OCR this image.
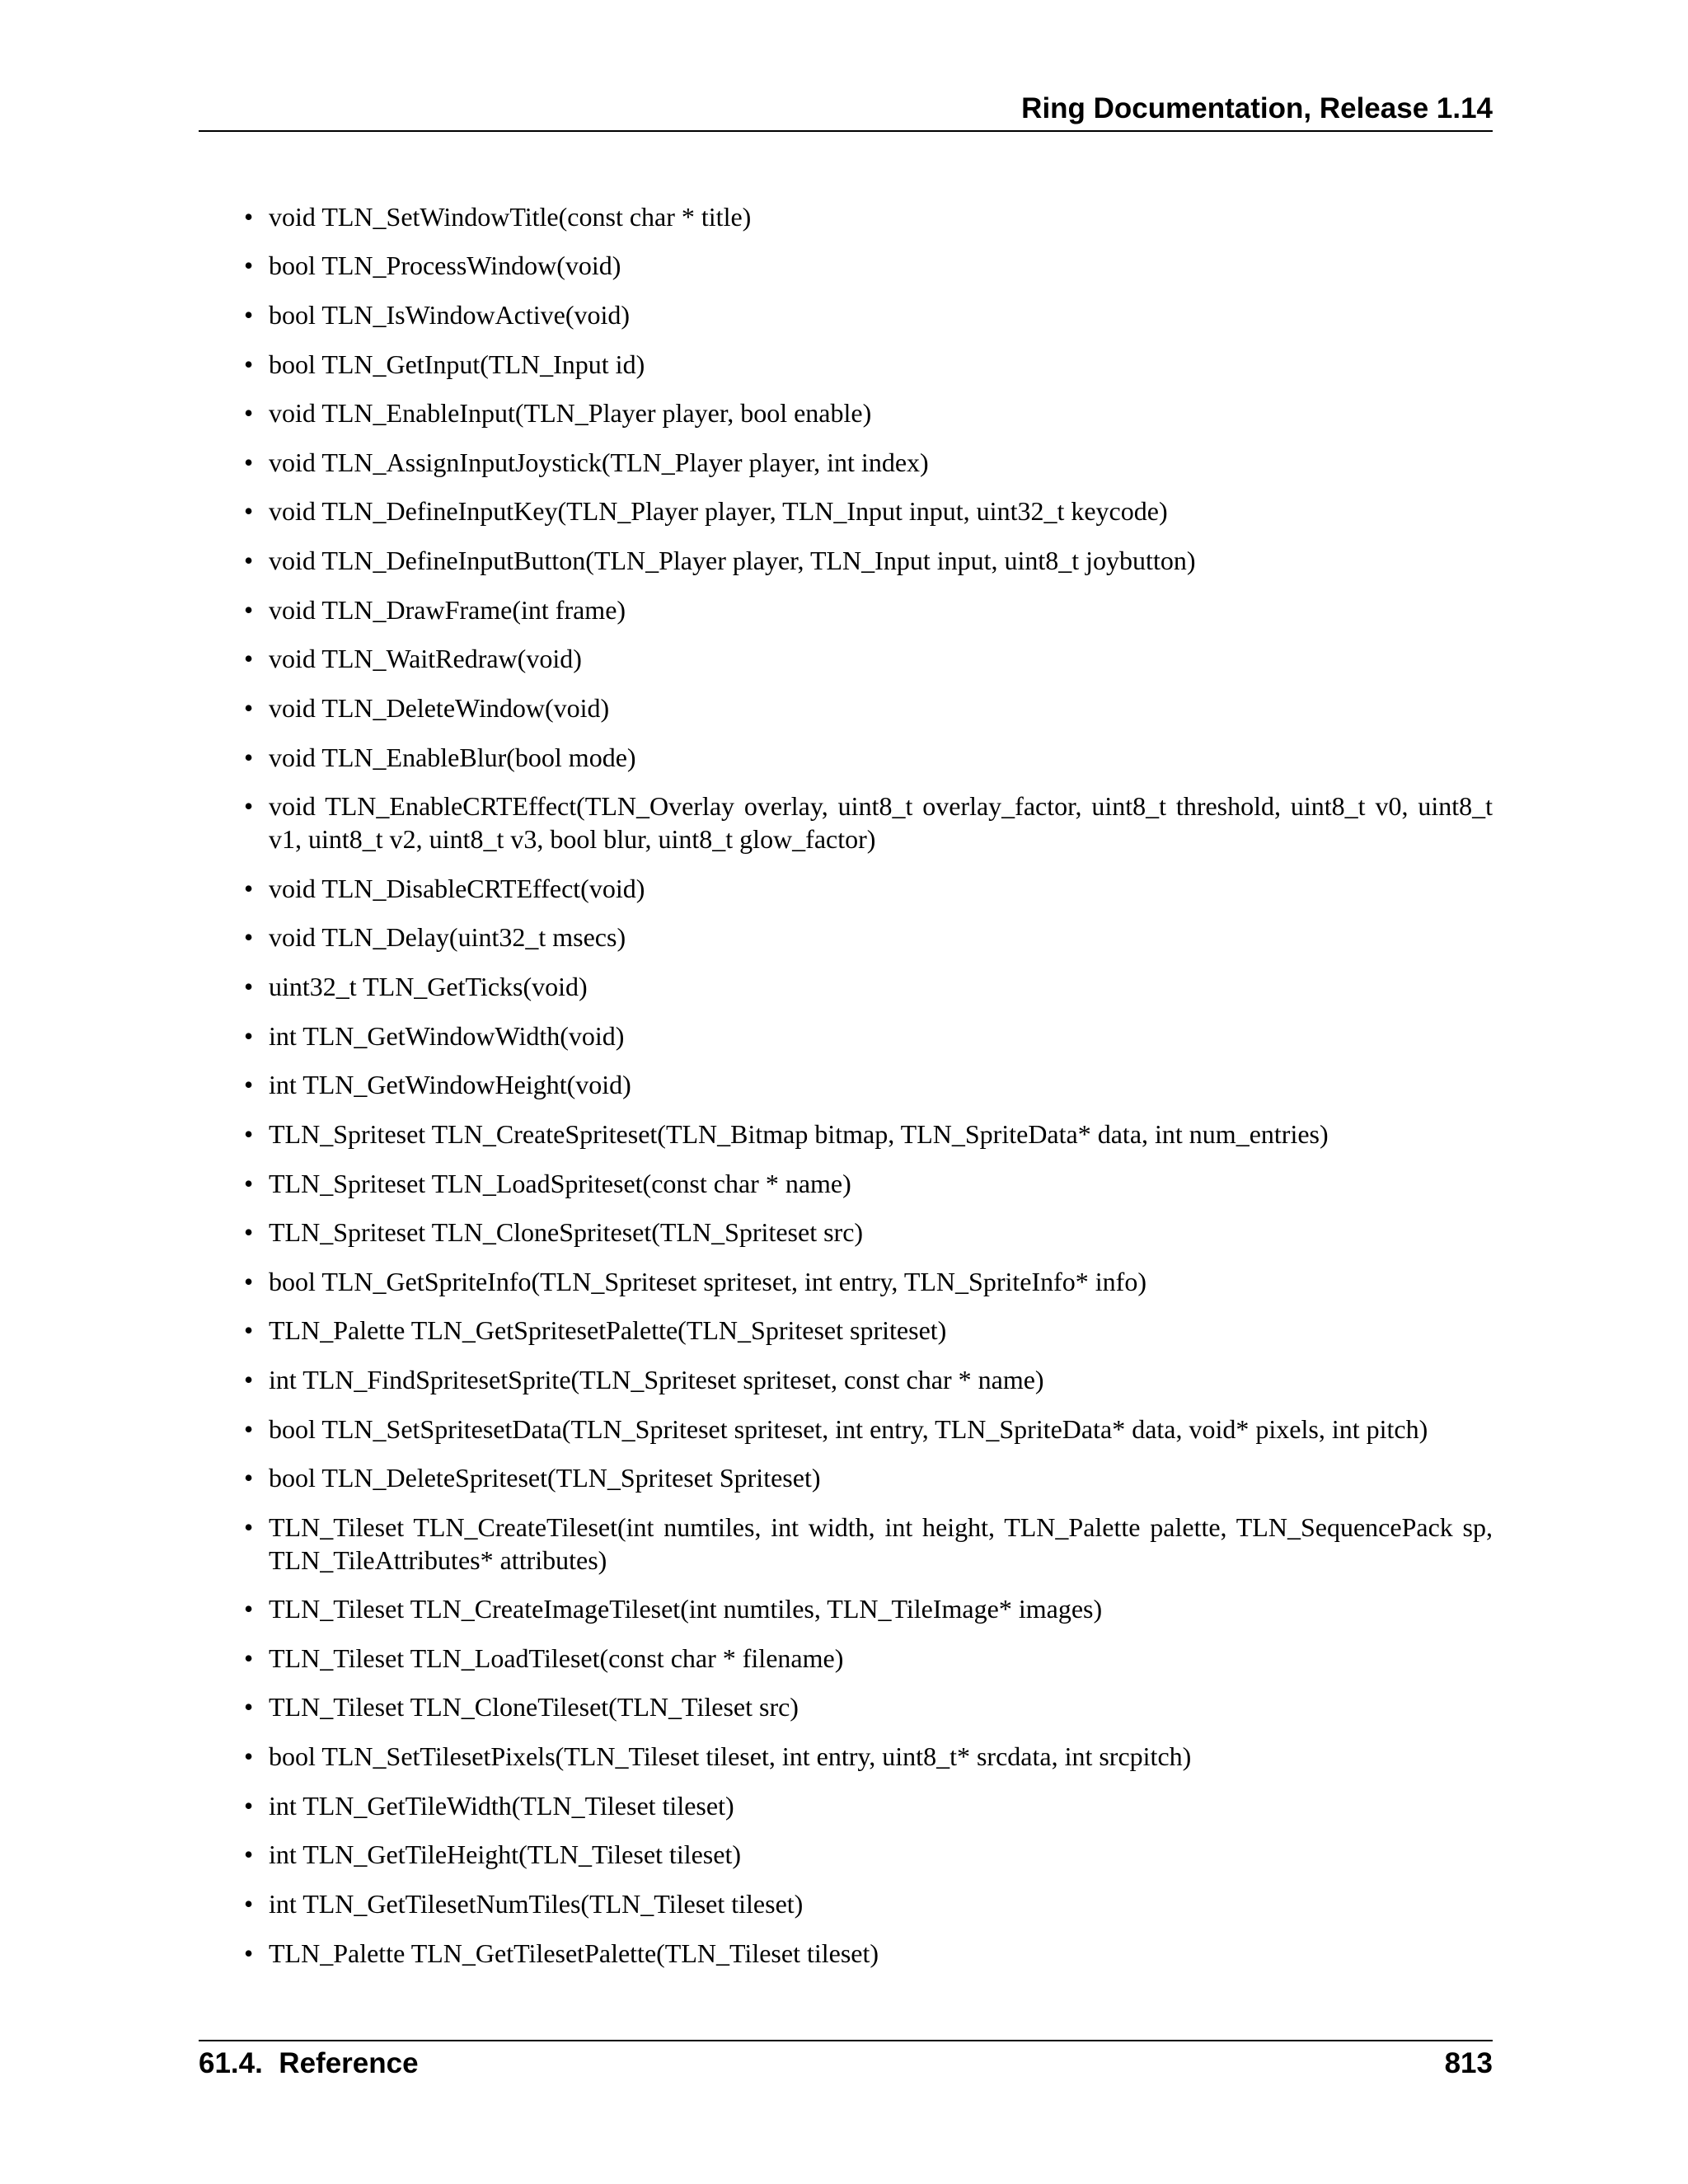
Ring Documentation, Release 1.14
• void TLN_SetWindowTitle(const char * title)
• bool TLN_ProcessWindow(void)
• bool TLN_IsWindowActive(void)
• bool TLN_GetInput(TLN_Input id)
• void TLN_EnableInput(TLN_Player player, bool enable)
• void TLN_AssignInputJoystick(TLN_Player player, int index)
• void TLN_DefineInputKey(TLN_Player player, TLN_Input input, uint32_t keycode)
• void TLN_DefineInputButton(TLN_Player player, TLN_Input input, uint8_t joybutton)
• void TLN_DrawFrame(int frame)
• void TLN_WaitRedraw(void)
• void TLN_DeleteWindow(void)
• void TLN_EnableBlur(bool mode)
• void TLN_EnableCRTEffect(TLN_Overlay overlay, uint8_t overlay_factor, uint8_t threshold, uint8_t v0, uint8_t v1, uint8_t v2, uint8_t v3, bool blur, uint8_t glow_factor)
• void TLN_DisableCRTEffect(void)
• void TLN_Delay(uint32_t msecs)
• uint32_t TLN_GetTicks(void)
• int TLN_GetWindowWidth(void)
• int TLN_GetWindowHeight(void)
• TLN_Spriteset TLN_CreateSpriteset(TLN_Bitmap bitmap, TLN_SpriteData* data, int num_entries)
• TLN_Spriteset TLN_LoadSpriteset(const char * name)
• TLN_Spriteset TLN_CloneSpriteset(TLN_Spriteset src)
• bool TLN_GetSpriteInfo(TLN_Spriteset spriteset, int entry, TLN_SpriteInfo* info)
• TLN_Palette TLN_GetSpritesetPalette(TLN_Spriteset spriteset)
• int TLN_FindSpritesetSprite(TLN_Spriteset spriteset, const char * name)
• bool TLN_SetSpritesetData(TLN_Spriteset spriteset, int entry, TLN_SpriteData* data, void* pixels, int pitch)
• bool TLN_DeleteSpriteset(TLN_Spriteset Spriteset)
• TLN_Tileset TLN_CreateTileset(int numtiles, int width, int height, TLN_Palette palette, TLN_SequencePack sp, TLN_TileAttributes* attributes)
• TLN_Tileset TLN_CreateImageTileset(int numtiles, TLN_TileImage* images)
• TLN_Tileset TLN_LoadTileset(const char * filename)
• TLN_Tileset TLN_CloneTileset(TLN_Tileset src)
• bool TLN_SetTilesetPixels(TLN_Tileset tileset, int entry, uint8_t* srcdata, int srcpitch)
• int TLN_GetTileWidth(TLN_Tileset tileset)
• int TLN_GetTileHeight(TLN_Tileset tileset)
• int TLN_GetTilesetNumTiles(TLN_Tileset tileset)
• TLN_Palette TLN_GetTilesetPalette(TLN_Tileset tileset)
61.4.  Reference	813
